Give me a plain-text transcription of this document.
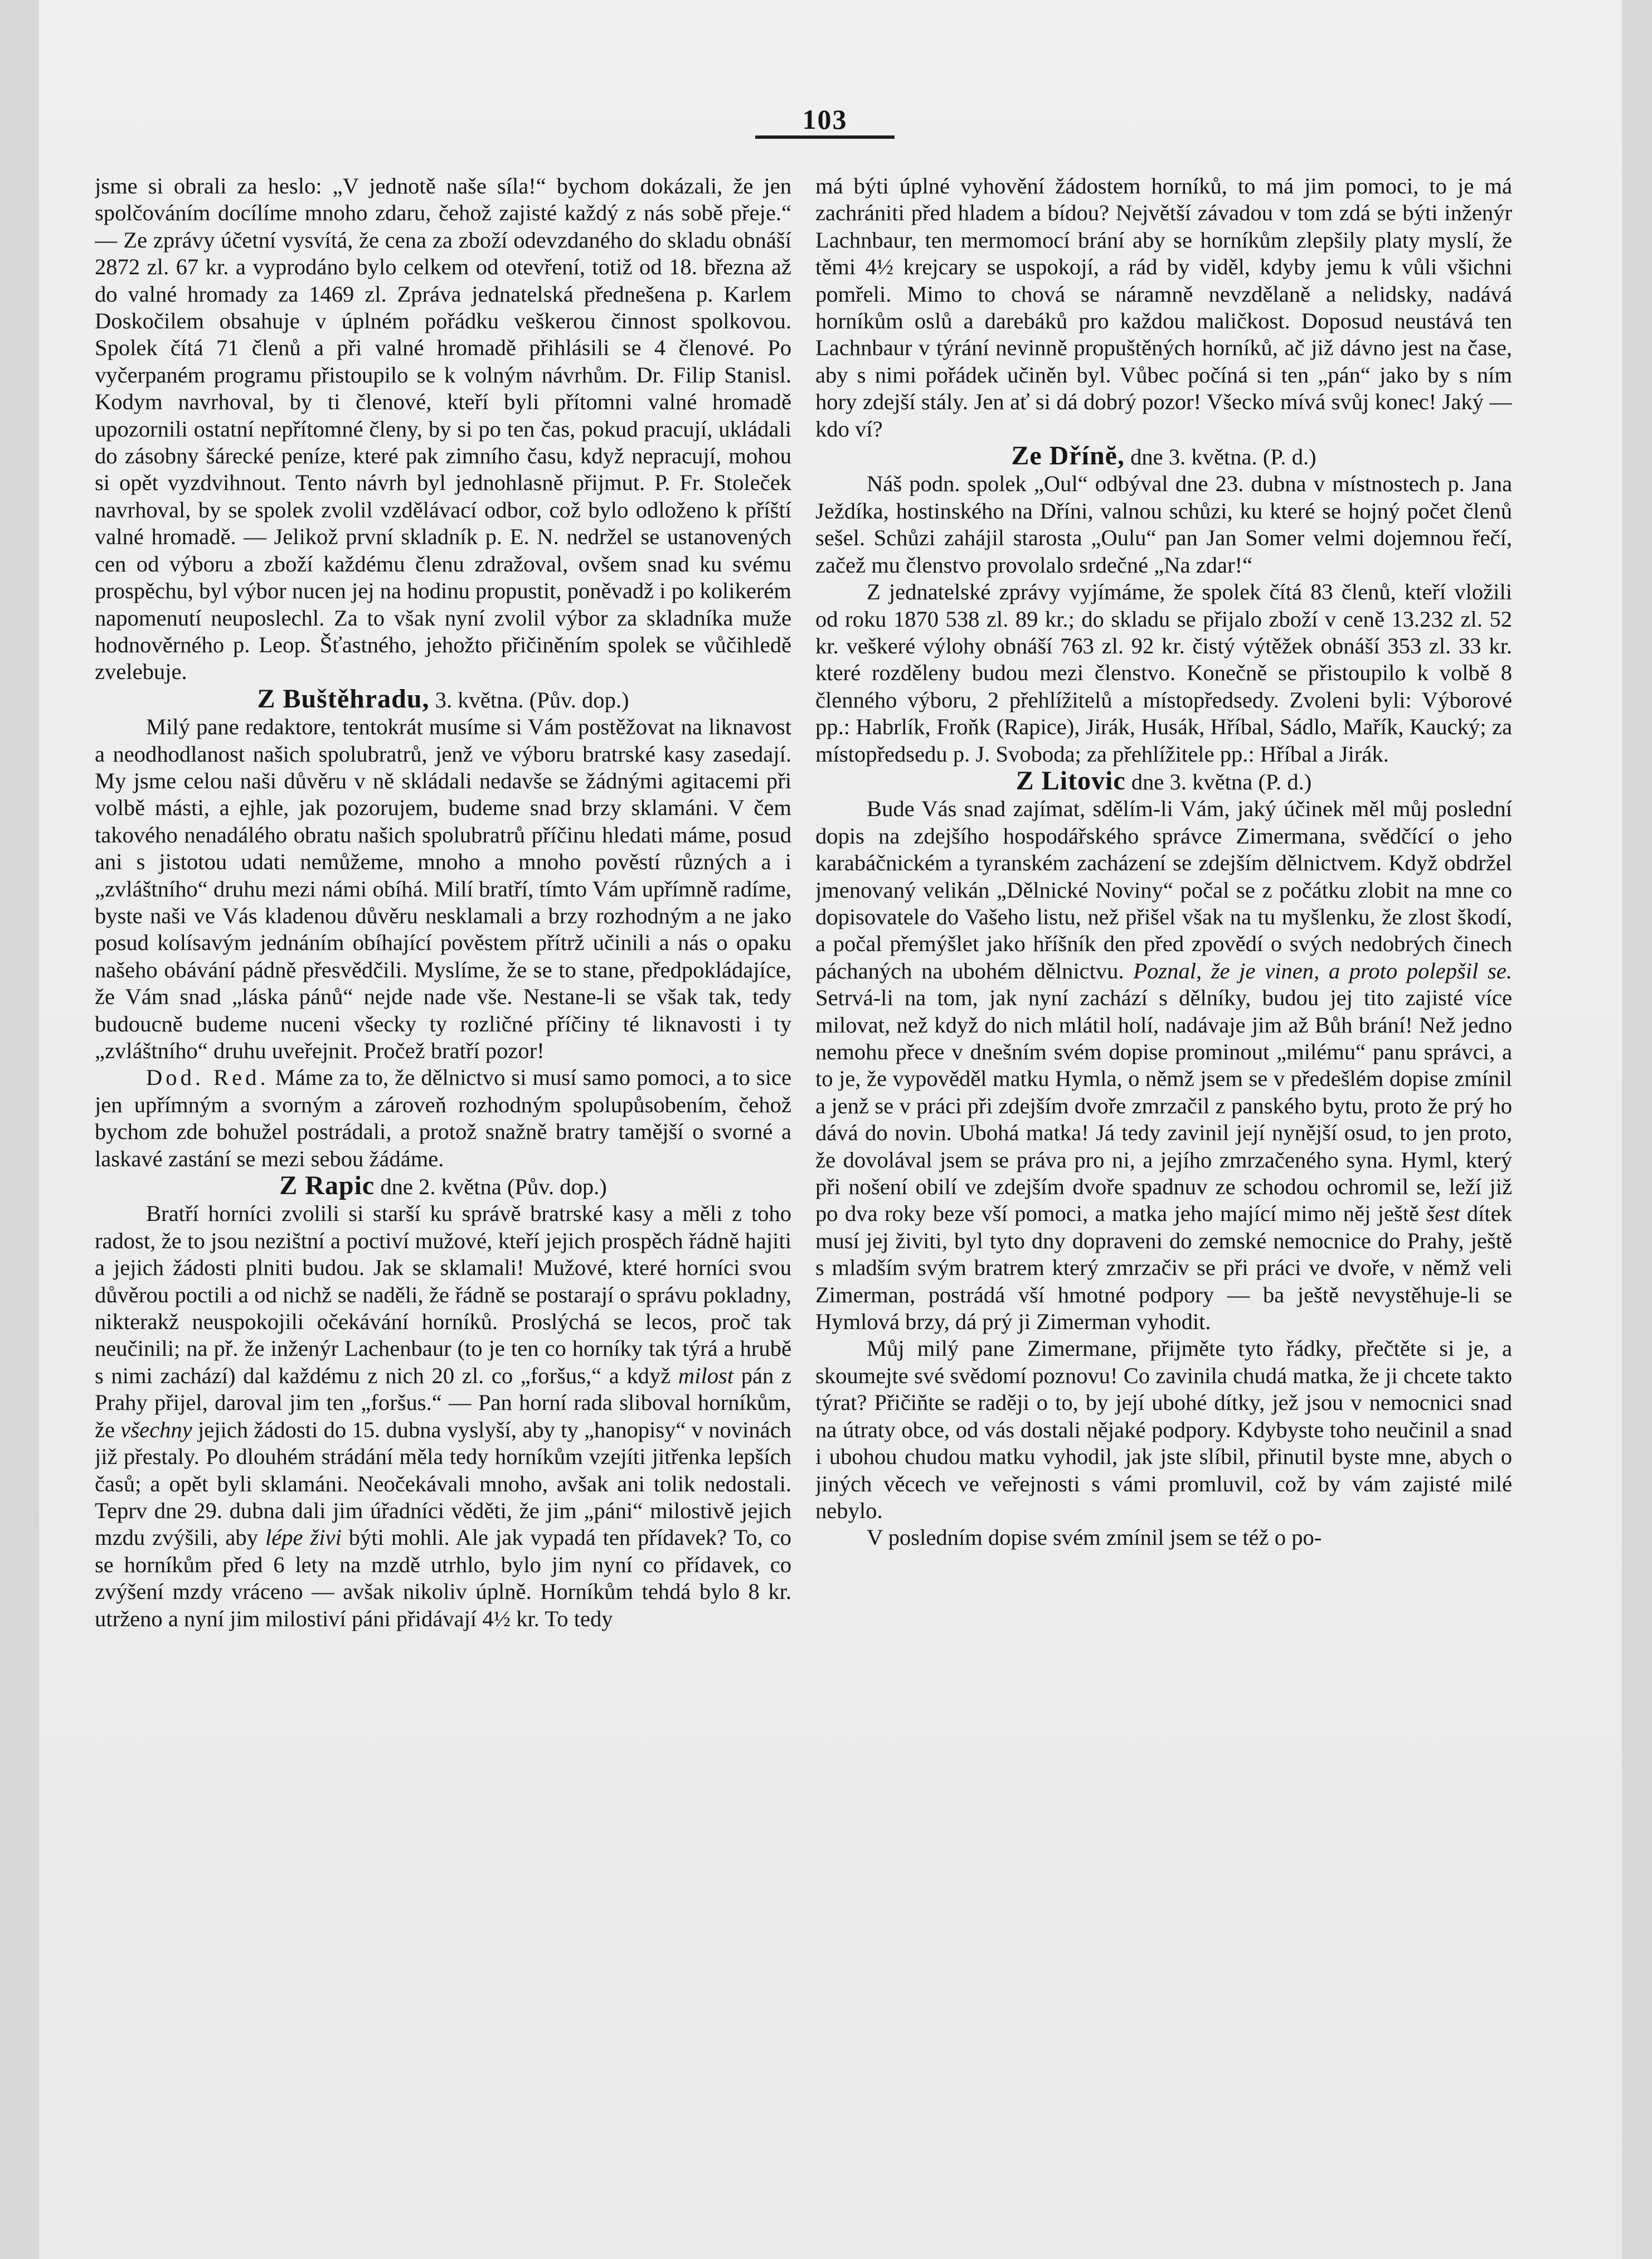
103

jsme si obrali za heslo: „V jednotě naše síla!“ bychom dokázali, že jen spolčováním docílíme mnoho zdaru, čehož zajisté každý z nás sobě přeje.“ — Ze zprávy účetní vysvítá, že cena za zboží odevzdaného do skladu obnáší 2872 zl. 67 kr. a vyprodáno bylo celkem od otevření, totiž od 18. března až do valné hromady za 1469 zl. Zpráva jednatelská přednešena p. Karlem Doskočilem obsahuje v úplném pořádku veškerou činnost spolkovou. Spolek čítá 71 členů a při valné hromadě přihlásili se 4 členové. Po vyčerpaném programu přistoupilo se k volným návrhům. Dr. Filip Stanisl. Kodym navrhoval, by ti členové, kteří byli přítomni valné hromadě upozornili ostatní nepřítomné členy, by si po ten čas, pokud pracují, ukládali do zásobny šárecké peníze, které pak zimního času, když nepracují, mohou si opět vyzdvihnout. Tento návrh byl jednohlasně přijmut. P. Fr. Stoleček navrhoval, by se spolek zvolil vzdělávací odbor, což bylo odloženo k příští valné hromadě. — Jelikož první skladník p. E. N. nedržel se ustanovených cen od výboru a zboží každému členu zdražoval, ovšem snad ku svému prospěchu, byl výbor nucen jej na hodinu propustit, poněvadž i po kolikerém napomenutí neuposlechl. Za to však nyní zvolil výbor za skladníka muže hodnověrného p. Leop. Šťastného, jehožto přičiněním spolek se vůčihledě zvelebuje.

Z Buštěhradu, 3. května. (Pův. dop.)

Milý pane redaktore, tentokrát musíme si Vám postěžovat na liknavost a neodhodlanost našich spolubratrů, jenž ve výboru bratrské kasy zasedají. My jsme celou naši důvěru v ně skládali nedavše se žádnými agitacemi při volbě másti, a ejhle, jak pozorujem, budeme snad brzy sklamáni. V čem takového nenadálého obratu našich spolubratrů příčinu hledati máme, posud ani s jistotou udati nemůžeme, mnoho a mnoho pověstí různých a i „zvláštního“ druhu mezi námi obíhá. Milí bratří, tímto Vám upřímně radíme, byste naši ve Vás kladenou důvěru nesklamali a brzy rozhodným a ne jako posud kolísavým jednáním obíhající pověstem přítrž učinili a nás o opaku našeho obávání pádně přesvědčili. Myslíme, že se to stane, předpokládajíce, že Vám snad „láska pánů“ nejde nade vše. Nestane-li se však tak, tedy budoucně budeme nuceni všecky ty rozličné příčiny té liknavosti i ty „zvláštního“ druhu uveřejnit. Pročež bratří pozor!

Dod. Red. Máme za to, že dělnictvo si musí samo pomoci, a to sice jen upřímným a svorným a zároveň rozhodným spolupůsobením, čehož bychom zde bohužel postrádali, a protož snažně bratry tamější o svorné a laskavé zastání se mezi sebou žádáme.

Z Rapic dne 2. května (Pův. dop.)

Bratří horníci zvolili si starší ku správě bratrské kasy a měli z toho radost, že to jsou nezištní a poctiví mužové, kteří jejich prospěch řádně hajiti a jejich žádosti plniti budou. Jak se sklamali! Mužové, které horníci svou důvěrou poctili a od nichž se naděli, že řádně se postarají o správu pokladny, nikterakž neuspokojili očekávání horníků. Proslýchá se lecos, proč tak neučinili; na př. že inženýr Lachenbaur (to je ten co horníky tak týrá a hrubě s nimi zachází) dal každému z nich 20 zl. co „foršus,“ a když milost pán z Prahy přijel, daroval jim ten „foršus.“ — Pan horní rada sliboval horníkům, že všechny jejich žádosti do 15. dubna vyslyší, aby ty „hanopisy“ v novinách již přestaly. Po dlouhém strádání měla tedy horníkům vzejíti jitřenka lepších časů; a opět byli sklamáni. Neočekávali mnoho, avšak ani tolik nedostali. Teprv dne 29. dubna dali jim úřadníci věděti, že jim „páni“ milostivě jejich mzdu zvýšili, aby lépe živi býti mohli. Ale jak vypadá ten přídavek? To, co se horníkům před 6 lety na mzdě utrhlo, bylo jim nyní co přídavek, co zvýšení mzdy vráceno — avšak nikoliv úplně. Horníkům tehdá bylo 8 kr. utrženo a nyní jim milostiví páni přidávají 4½ kr. To tedy

má býti úplné vyhovění žádostem horníků, to má jim pomoci, to je má zachrániti před hladem a bídou? Největší závadou v tom zdá se býti inženýr Lachnbaur, ten mermomocí brání aby se horníkům zlepšily platy myslí, že těmi 4½ krejcary se uspokojí, a rád by viděl, kdyby jemu k vůli všichni pomřeli. Mimo to chová se náramně nevzdělaně a nelidsky, nadává horníkům oslů a darebáků pro každou maličkost. Doposud neustává ten Lachnbaur v týrání nevinně propuštěných horníků, ač již dávno jest na čase, aby s nimi pořádek učiněn byl. Vůbec počíná si ten „pán“ jako by s ním hory zdejší stály. Jen ať si dá dobrý pozor! Všecko mívá svůj konec! Jaký — kdo ví?

Ze Dřínĕ, dne 3. května. (P. d.)

Náš podn. spolek „Oul“ odbýval dne 23. dubna v místnostech p. Jana Ježdíka, hostinského na Dříni, valnou schůzi, ku které se hojný počet členů sešel. Schůzi zahájil starosta „Oulu“ pan Jan Somer velmi dojemnou řečí, začež mu členstvo provolalo srdečné „Na zdar!“

Z jednatelské zprávy vyjímáme, že spolek čítá 83 členů, kteří vložili od roku 1870 538 zl. 89 kr.; do skladu se přijalo zboží v ceně 13.232 zl. 52 kr. veškeré výlohy obnáší 763 zl. 92 kr. čistý výtěžek obnáší 353 zl. 33 kr. které rozděleny budou mezi členstvo. Konečně se přistoupilo k volbě 8 členného výboru, 2 přehlížitelů a místopředsedy. Zvoleni byli: Výborové pp.: Habrlík, Froňk (Rapice), Jirák, Husák, Hříbal, Sádlo, Mařík, Kaucký; za místopředsedu p. J. Svoboda; za přehlížitele pp.: Hříbal a Jirák.

Z Litovic dne 3. května (P. d.)

Bude Vás snad zajímat, sdělím-li Vám, jaký účinek měl můj poslední dopis na zdejšího hospodářského správce Zimermana, svědčící o jeho karabáčnickém a tyranském zacházení se zdejším dělnictvem. Když obdržel jmenovaný velikán „Dělnické Noviny“ počal se z počátku zlobit na mne co dopisovatele do Vašeho listu, než přišel však na tu myšlenku, že zlost škodí, a počal přemýšlet jako hříšník den před zpovědí o svých nedobrých činech páchaných na ubohém dělnictvu. Poznal, že je vinen, a proto polepšil se. Setrvá-li na tom, jak nyní zachází s dělníky, budou jej tito zajisté více milovat, než když do nich mlátil holí, nadávaje jim až Bůh brání! Než jedno nemohu přece v dnešním svém dopise prominout „milému“ panu správci, a to je, že vypověděl matku Hymla, o němž jsem se v předešlém dopise zmínil a jenž se v práci při zdejším dvoře zmrzačil z panského bytu, proto že prý ho dává do novin. Ubohá matka! Já tedy zavinil její nynější osud, to jen proto, že dovolával jsem se práva pro ni, a jejího zmrzačeného syna. Hyml, který při nošení obilí ve zdejším dvoře spadnuv ze schodou ochromil se, leží již po dva roky beze vší pomoci, a matka jeho mající mimo něj ještě šest dítek musí jej živiti, byl tyto dny dopraveni do zemské nemocnice do Prahy, ještě s mladším svým bratrem který zmrzačiv se při práci ve dvoře, v němž veli Zimerman, postrádá vší hmotné podpory — ba ještě nevystěhuje-li se Hymlová brzy, dá prý ji Zimerman vyhodit.

Můj milý pane Zimermane, přijměte tyto řádky, přečtěte si je, a skoumejte své svědomí poznovu! Co zavinila chudá matka, že ji chcete takto týrat? Přičiňte se raději o to, by její ubohé dítky, jež jsou v nemocnici snad na útraty obce, od vás dostali nějaké podpory. Kdybyste toho neučinil a snad i ubohou chudou matku vyhodil, jak jste slíbil, přinutil byste mne, abych o jiných věcech ve veřejnosti s vámi promluvil, což by vám zajisté milé nebylo.

V posledním dopise svém zmínil jsem se též o po-
